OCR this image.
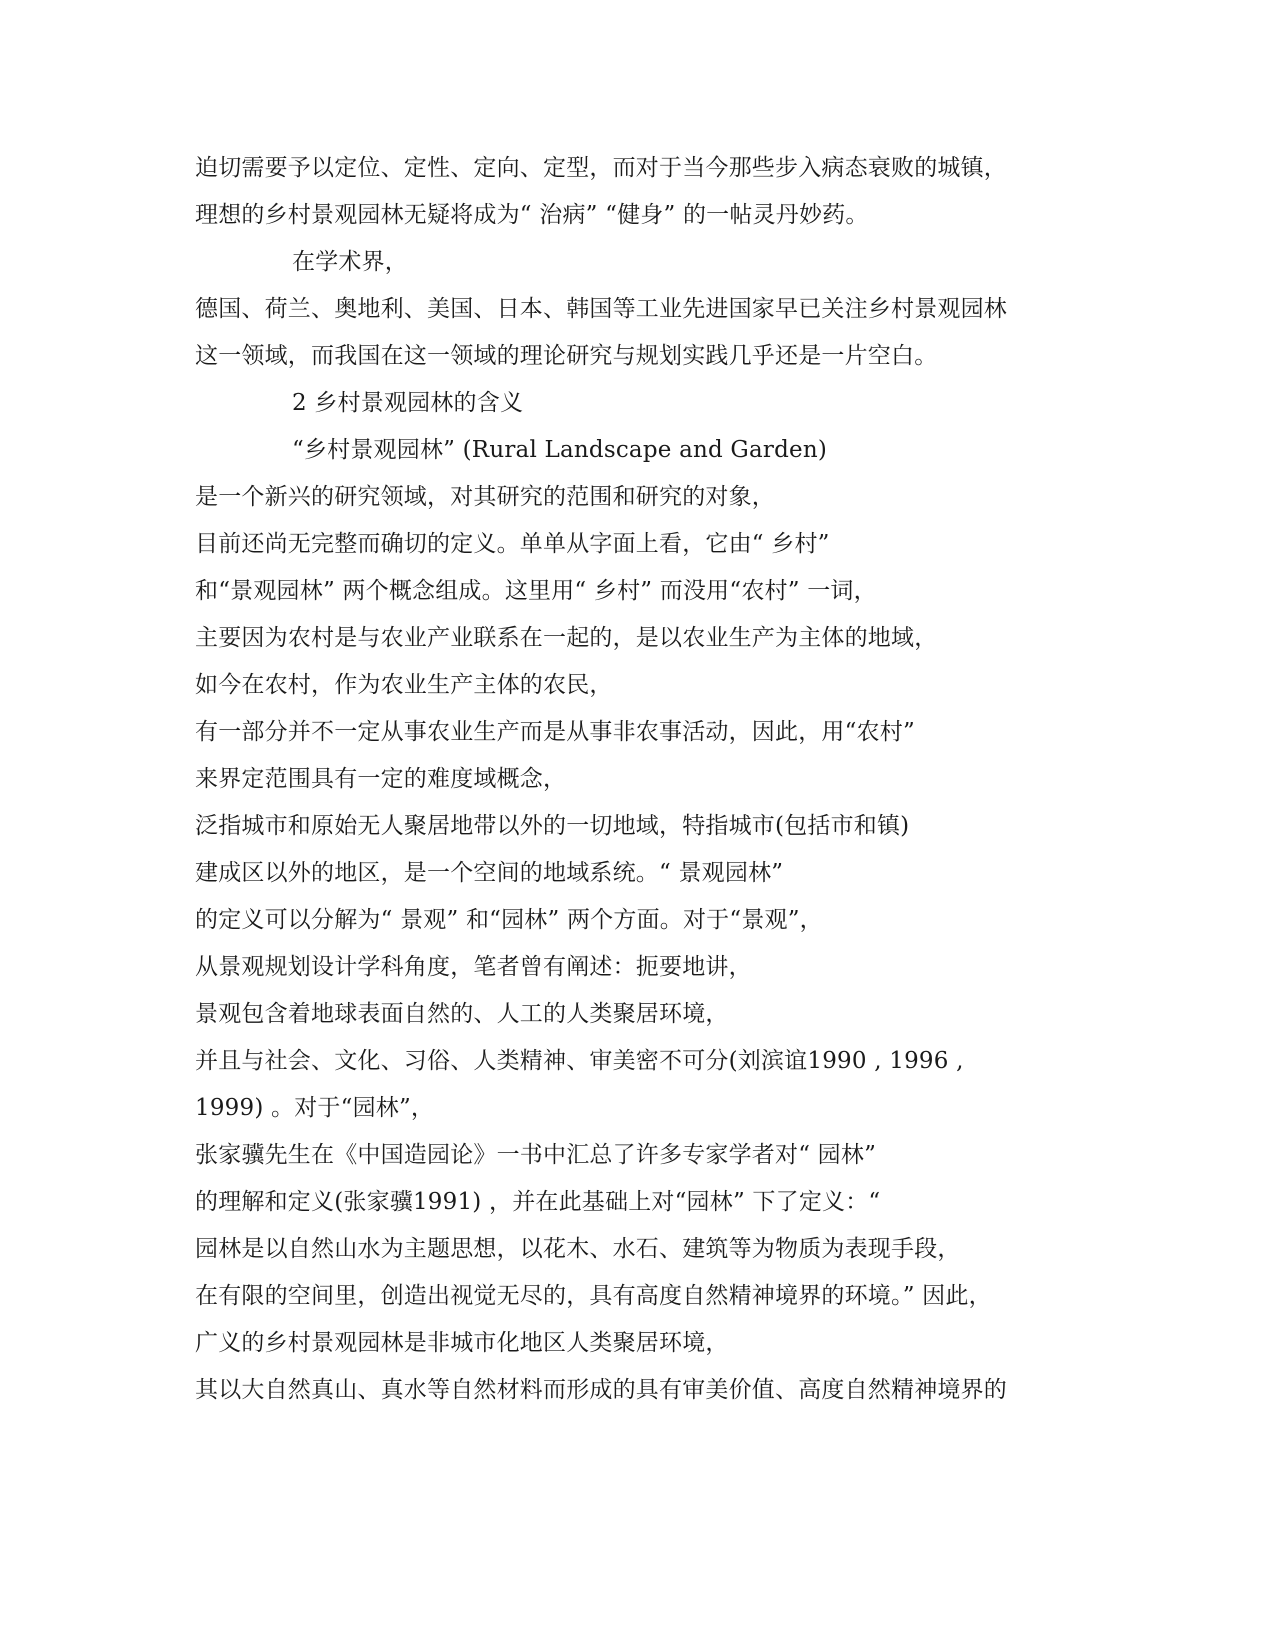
迫切需要予以定位、定性、定向、定型，而对于当今那些步入病态衰败的城镇，
理想的乡村景观园林无疑将成为“ 治病” “健身” 的一帖灵丹妙药。
在学术界，
德国、荷兰、奥地利、美国、日本、韩国等工业先进国家早已关注乡村景观园林
这一领域，而我国在这一领域的理论研究与规划实践几乎还是一片空白。
2 乡村景观园林的含义
“乡村景观园林” (Rural Landscape and Garden)
是一个新兴的研究领域，对其研究的范围和研究的对象，
目前还尚无完整而确切的定义。单单从字面上看，它由“ 乡村”
和“景观园林” 两个概念组成。这里用“ 乡村” 而没用“农村” 一词，
主要因为农村是与农业产业联系在一起的，是以农业生产为主体的地域，
如今在农村，作为农业生产主体的农民，
有一部分并不一定从事农业生产而是从事非农事活动，因此，用“农村”
来界定范围具有一定的难度域概念，
泛指城市和原始无人聚居地带以外的一切地域，特指城市(包括市和镇)
建成区以外的地区，是一个空间的地域系统。“ 景观园林”
的定义可以分解为“ 景观” 和“园林” 两个方面。对于“景观”，
从景观规划设计学科角度，笔者曾有阐述：扼要地讲，
景观包含着地球表面自然的、人工的人类聚居环境，
并且与社会、文化、习俗、人类精神、审美密不可分(刘滨谊1990 , 1996 ,
1999) 。对于“园林”，
张家骥先生在《中国造园论》一书中汇总了许多专家学者对“ 园林”
的理解和定义(张家骥1991) ，并在此基础上对“园林” 下了定义：“
园林是以自然山水为主题思想，以花木、水石、建筑等为物质为表现手段，
在有限的空间里，创造出视觉无尽的，具有高度自然精神境界的环境。” 因此，
广义的乡村景观园林是非城市化地区人类聚居环境，
其以大自然真山、真水等自然材料而形成的具有审美价值、高度自然精神境界的
